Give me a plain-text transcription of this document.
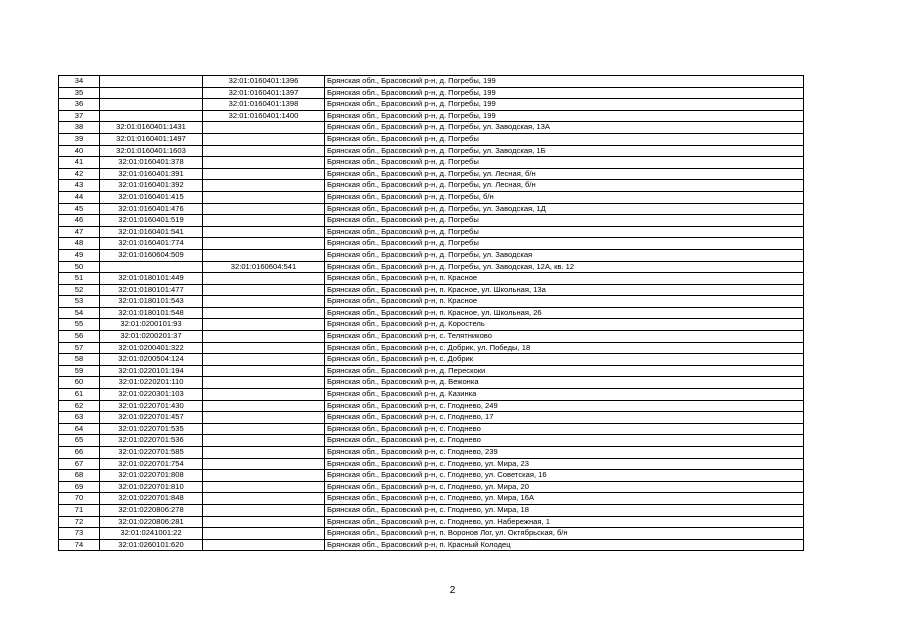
34		32:01:0160401:1396	Брянская обл., Брасовский р-н, д. Погребы, 199
35		32:01:0160401:1397	Брянская обл., Брасовский р-н, д. Погребы, 199
36		32:01:0160401:1398	Брянская обл., Брасовский р-н, д. Погребы, 199
37		32:01:0160401:1400	Брянская обл., Брасовский р-н, д. Погребы, 199
38	32:01:0160401:1431		Брянская обл., Брасовский р-н, д. Погребы, ул. Заводская, 13А
39	32:01:0160401:1497		Брянская обл., Брасовский р-н, д. Погребы
40	32:01:0160401:1603		Брянская обл., Брасовский р-н, д. Погребы, ул. Заводская, 1Б
41	32:01:0160401:378		Брянская обл., Брасовский р-н, д. Погребы
42	32:01:0160401:391		Брянская обл., Брасовский р-н, д. Погребы, ул. Лесная, б/н
43	32:01:0160401:392		Брянская обл., Брасовский р-н, д. Погребы, ул. Лесная, б/н
44	32:01:0160401:415		Брянская обл., Брасовский р-н, д. Погребы, б/н
45	32:01:0160401:476		Брянская обл., Брасовский р-н, д. Погребы, ул. Заводская, 1Д
46	32:01:0160401:519		Брянская обл., Брасовский р-н, д. Погребы
47	32:01:0160401:541		Брянская обл., Брасовский р-н, д. Погребы
48	32:01:0160401:774		Брянская обл., Брасовский р-н, д. Погребы
49	32:01:0160604:509		Брянская обл., Брасовский р-н, д. Погребы, ул. Заводская
50		32:01:0160604:541	Брянская обл., Брасовский р-н, д. Погребы, ул. Заводская, 12А, кв. 12
51	32:01:0180101:449		Брянская обл., Брасовский р-н, п. Красное
52	32:01:0180101:477		Брянская обл., Брасовский р-н, п. Красное, ул. Школьная, 13а
53	32:01:0180101:543		Брянская обл., Брасовский р-н, п. Красное
54	32:01:0180101:548		Брянская обл., Брасовский р-н, п. Красное, ул. Школьная, 26
55	32:01:0200101:93		Брянская обл., Брасовский р-н, д. Коростель
56	32:01:0200201:37		Брянская обл., Брасовский р-н, с. Телятниково
57	32:01:0200401:322		Брянская обл., Брасовский р-н, с. Добрик, ул. Победы, 18
58	32:01:0200504:124		Брянская обл., Брасовский р-н, с. Добрик
59	32:01:0220101:194		Брянская обл., Брасовский р-н, д. Перескоки
60	32:01:0220201:110		Брянская обл., Брасовский р-н, д. Вежонка
61	32:01:0220301:103		Брянская обл., Брасовский р-н, д. Казинка
62	32:01:0220701:430		Брянская обл., Брасовский р-н, с. Глоднево, 249
63	32:01:0220701:457		Брянская обл., Брасовский р-н, с. Глоднево, 17
64	32:01:0220701:535		Брянская обл., Брасовский р-н, с. Глоднево
65	32:01:0220701:536		Брянская обл., Брасовский р-н, с. Глоднево
66	32:01:0220701:585		Брянская обл., Брасовский р-н, с. Глоднево, 239
67	32:01:0220701:754		Брянская обл., Брасовский р-н, с. Глоднево, ул. Мира, 23
68	32:01:0220701:808		Брянская обл., Брасовский р-н, с. Глоднево, ул. Советская, 16
69	32:01:0220701:810		Брянская обл., Брасовский р-н, с. Глоднево, ул. Мира, 20
70	32:01:0220701:848		Брянская обл., Брасовский р-н, с. Глоднево, ул. Мира, 16А
71	32:01:0220806:278		Брянская обл., Брасовский р-н, с. Глоднево, ул. Мира, 18
72	32:01:0220806:281		Брянская обл., Брасовский р-н, с. Глоднево, ул. Набережная, 1
73	32:01:0241001:22		Брянская обл., Брасовский р-н, п. Воронов Лог, ул. Октябрьская, б/н
74	32:01:0260101:620		Брянская обл., Брасовский р-н, п. Красный Колодец
2
